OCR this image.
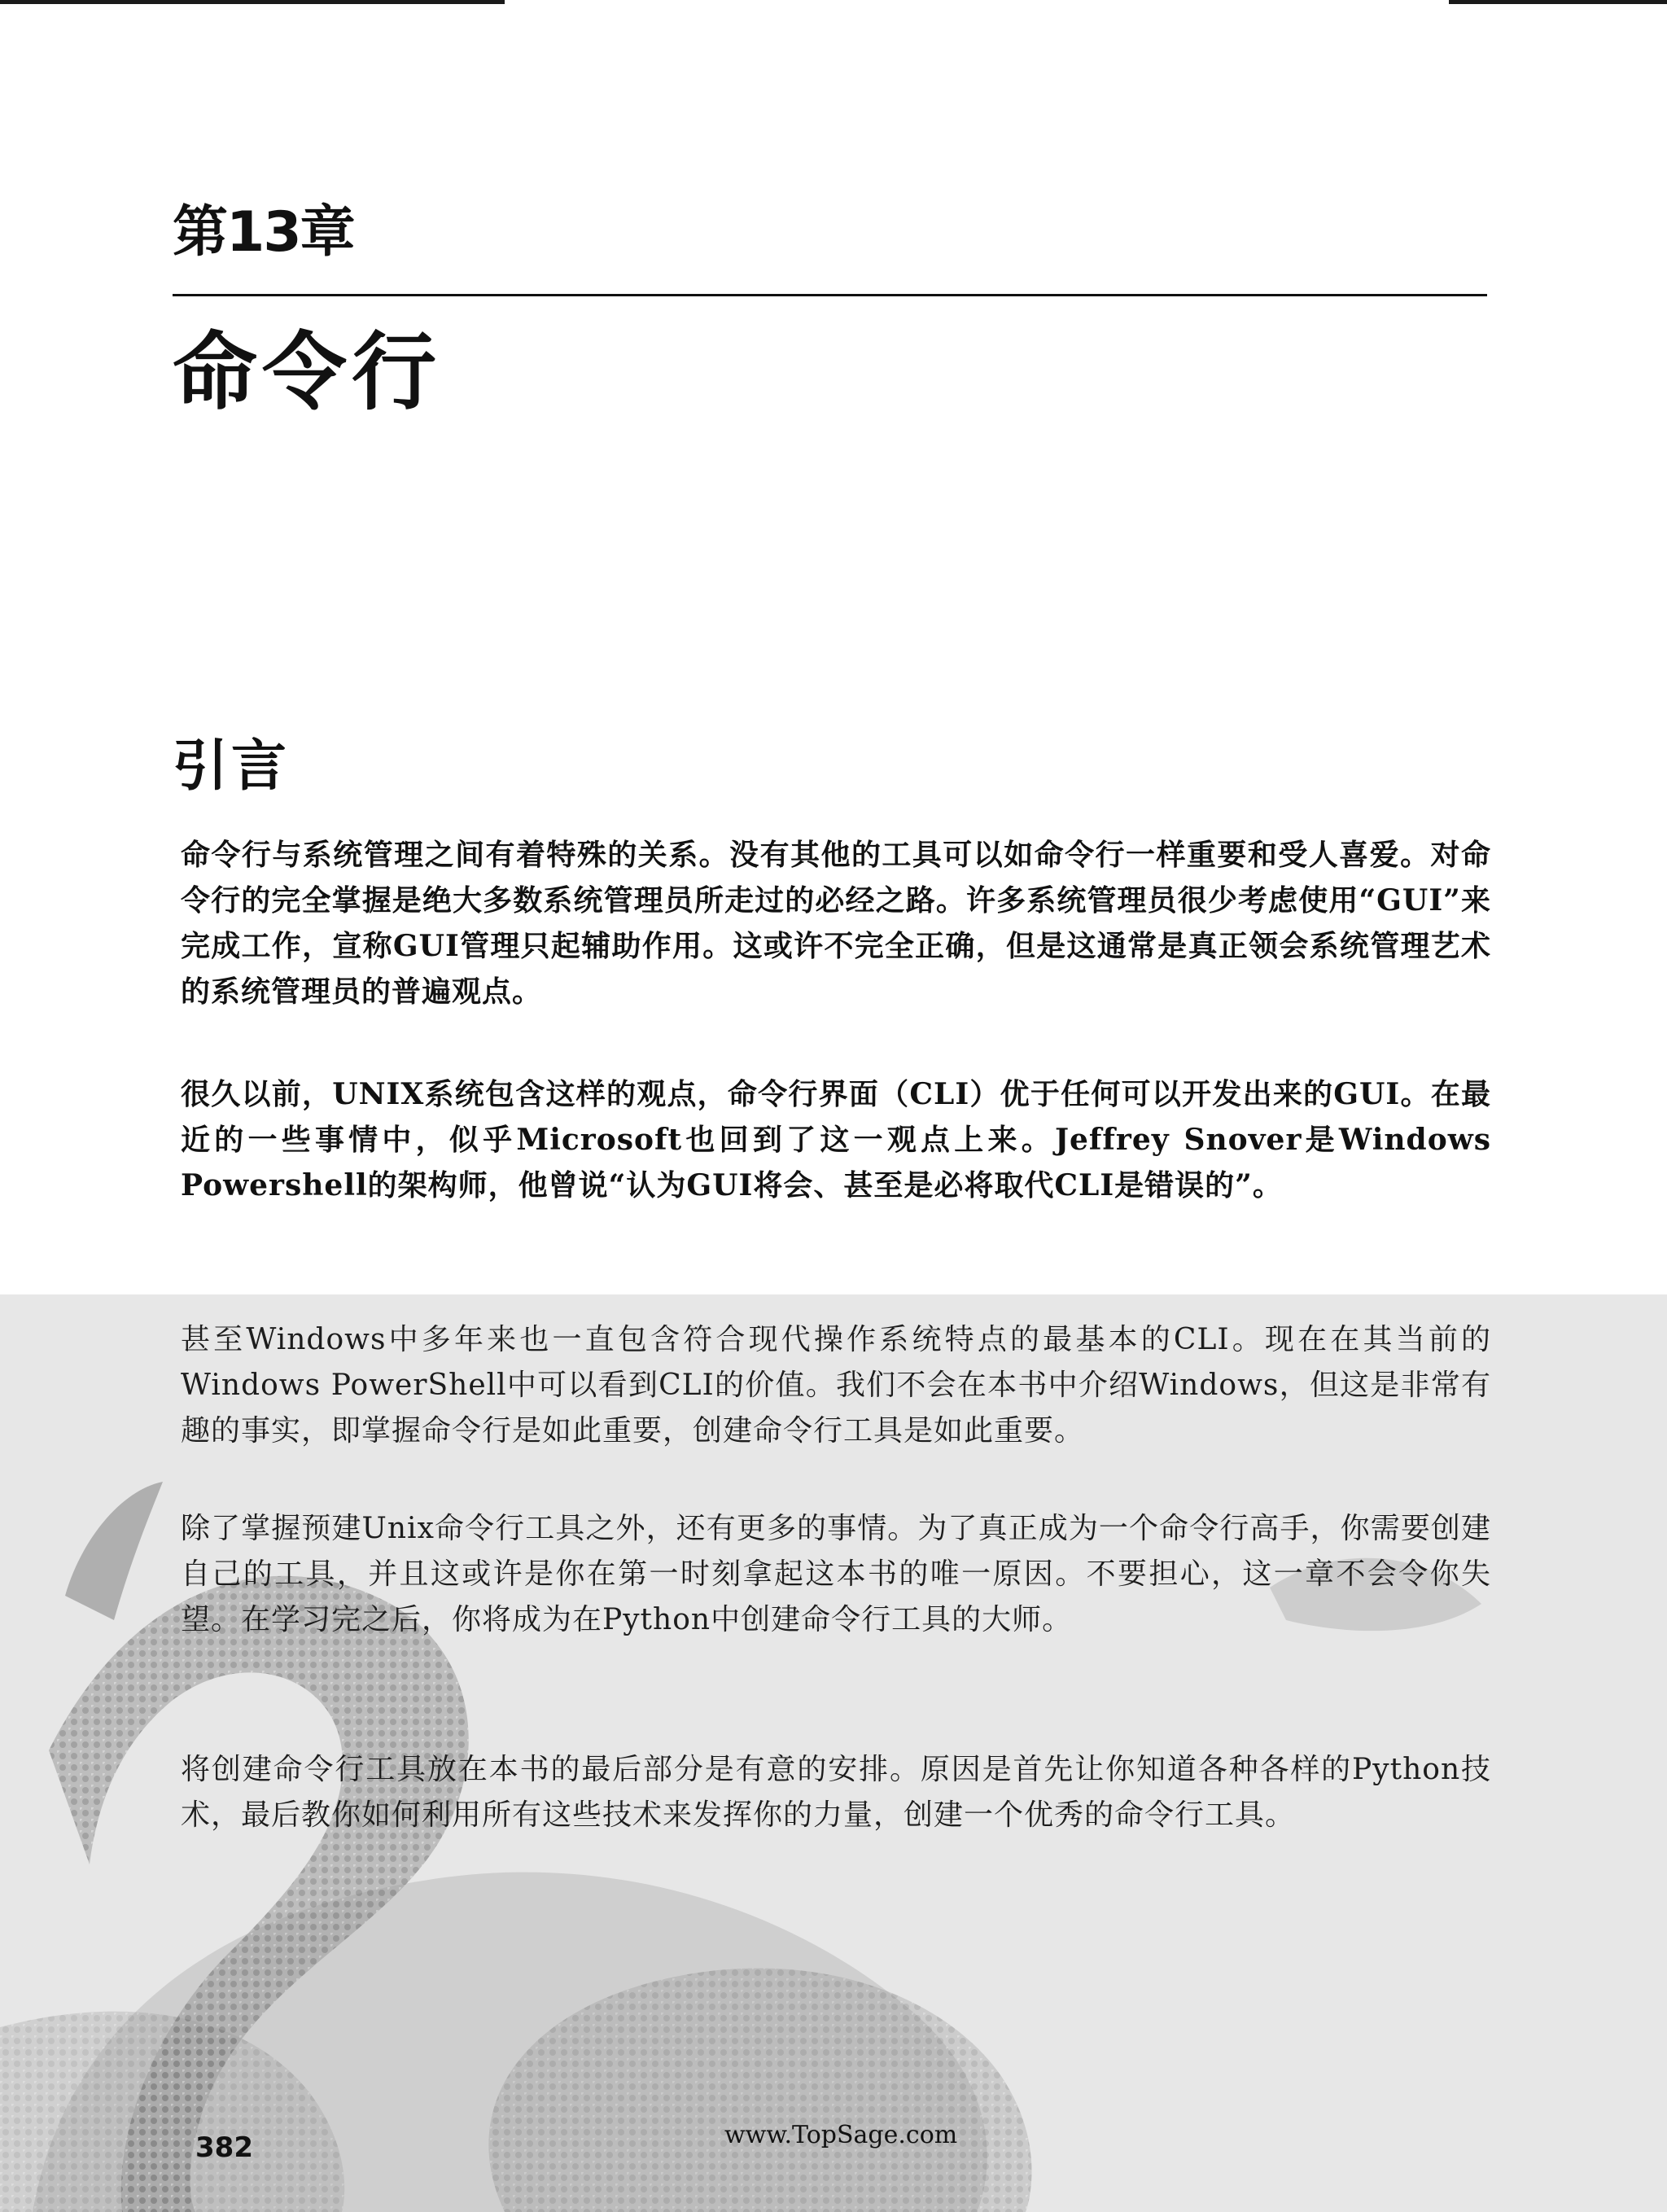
第13章
命令行
引言

命令行与系统管理之间有着特殊的关系。没有其他的工具可以如命令行一样重要和受人喜爱。对命令行的完全掌握是绝大多数系统管理员所走过的必经之路。许多系统管理员很少考虑使用“GUI”来完成工作，宣称GUI管理只起辅助作用。这或许不完全正确，但是这通常是真正领会系统管理艺术的系统管理员的普遍观点。

很久以前，UNIX系统包含这样的观点，命令行界面（CLI）优于任何可以开发出来的GUI。在最近的一些事情中，似乎Microsoft也回到了这一观点上来。Jeffrey Snover是Windows Powershell的架构师，他曾说“认为GUI将会、甚至是必将取代CLI是错误的”。

甚至Windows中多年来也一直包含符合现代操作系统特点的最基本的CLI。现在在其当前的Windows PowerShell中可以看到CLI的价值。我们不会在本书中介绍Windows，但这是非常有趣的事实，即掌握命令行是如此重要，创建命令行工具是如此重要。

除了掌握预建Unix命令行工具之外，还有更多的事情。为了真正成为一个命令行高手，你需要创建自己的工具，并且这或许是你在第一时刻拿起这本书的唯一原因。不要担心，这一章不会令你失望。在学习完之后，你将成为在Python中创建命令行工具的大师。

将创建命令行工具放在本书的最后部分是有意的安排。原因是首先让你知道各种各样的Python技术，最后教你如何利用所有这些技术来发挥你的力量，创建一个优秀的命令行工具。

382	www.TopSage.com
